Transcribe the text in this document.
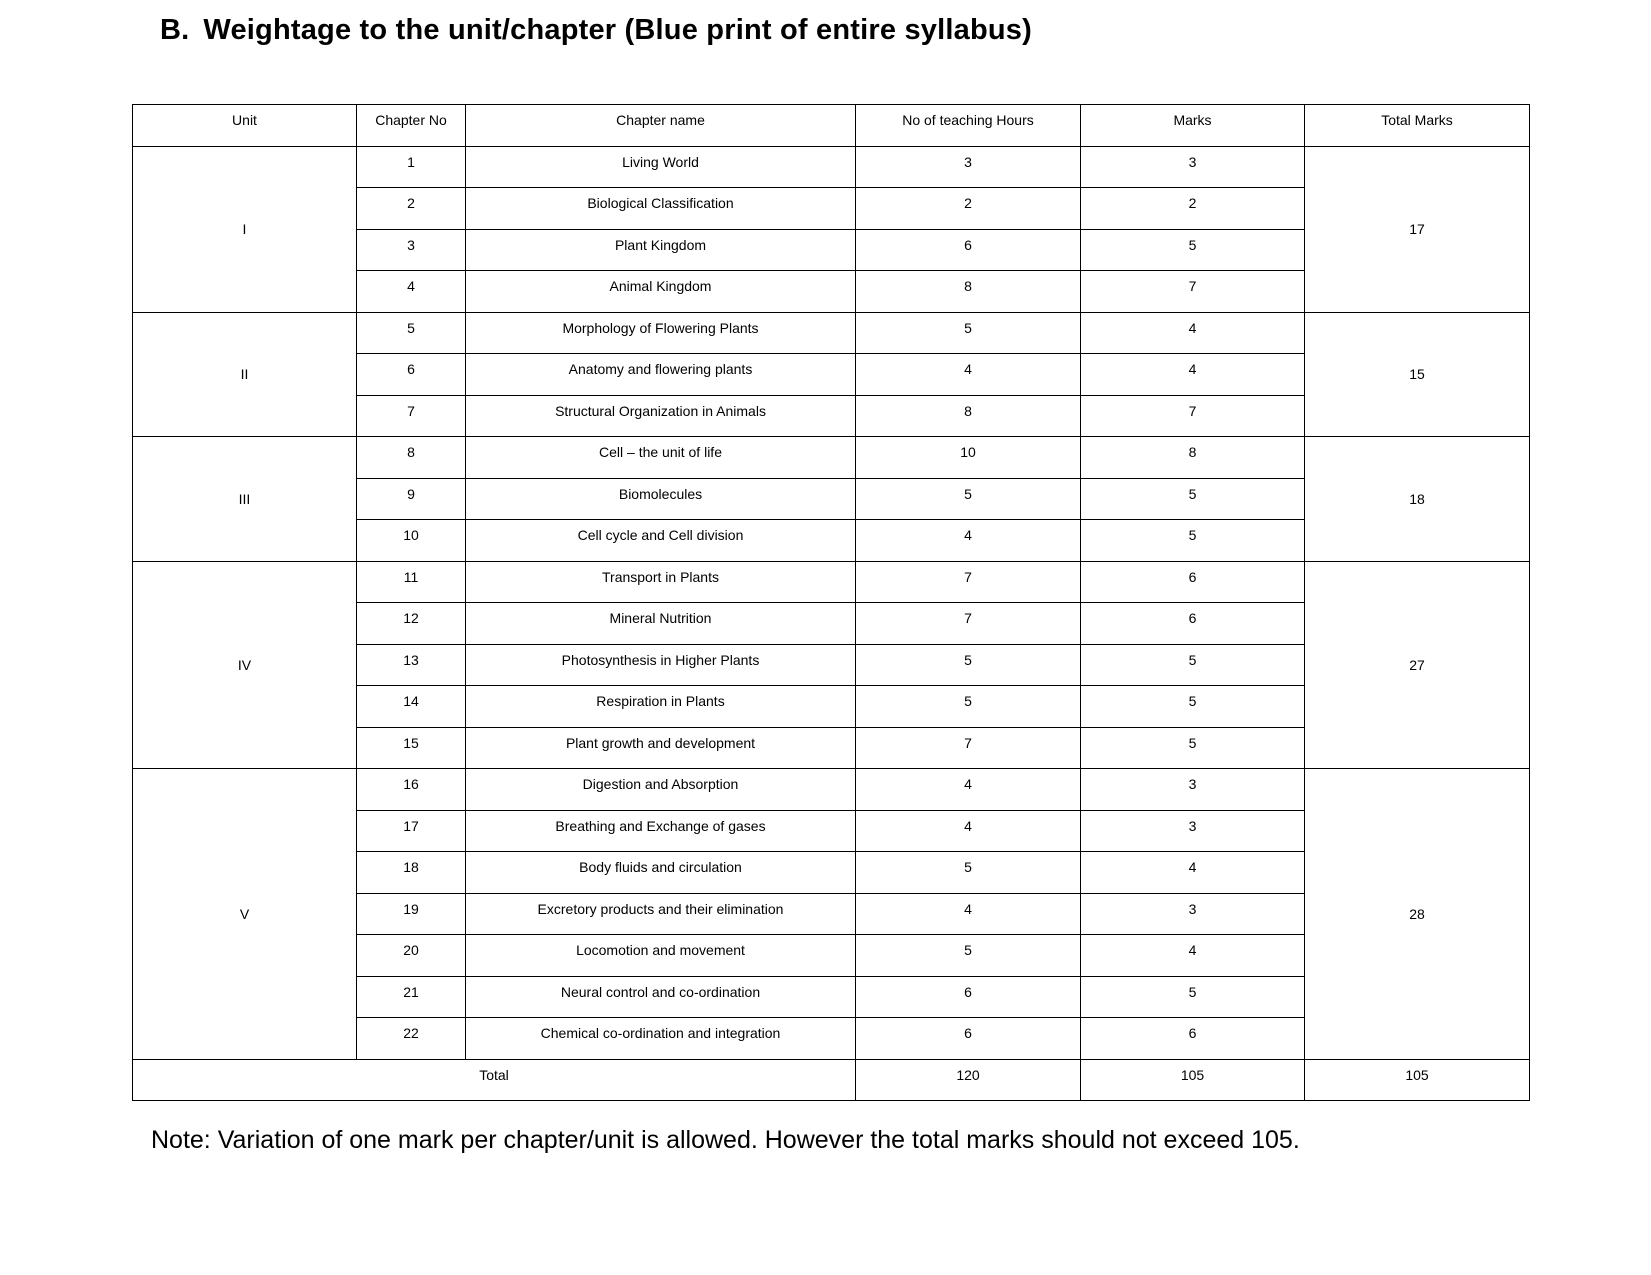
B. Weightage to the unit/chapter (Blue print of entire syllabus)
Unit	Chapter No	Chapter name	No of teaching Hours	Marks	Total Marks
I	1	Living World	3	3	17
	2	Biological Classification	2	2	
	3	Plant Kingdom	6	5	
	4	Animal Kingdom	8	7	
II	5	Morphology of Flowering Plants	5	4	15
	6	Anatomy and flowering plants	4	4	
	7	Structural Organization in Animals	8	7	
III	8	Cell – the unit of life	10	8	18
	9	Biomolecules	5	5	
	10	Cell cycle and Cell division	4	5	
IV	11	Transport in Plants	7	6	27
	12	Mineral Nutrition	7	6	
	13	Photosynthesis in Higher Plants	5	5	
	14	Respiration in Plants	5	5	
	15	Plant growth and development	7	5	
V	16	Digestion and Absorption	4	3	28
	17	Breathing and Exchange of gases	4	3	
	18	Body fluids and circulation	5	4	
	19	Excretory products and their elimination	4	3	
	20	Locomotion and movement	5	4	
	21	Neural control and co-ordination	6	5	
	22	Chemical co-ordination and integration	6	6	
Total			120	105	105
Note: Variation of one mark per chapter/unit is allowed. However the total marks should not exceed 105.
